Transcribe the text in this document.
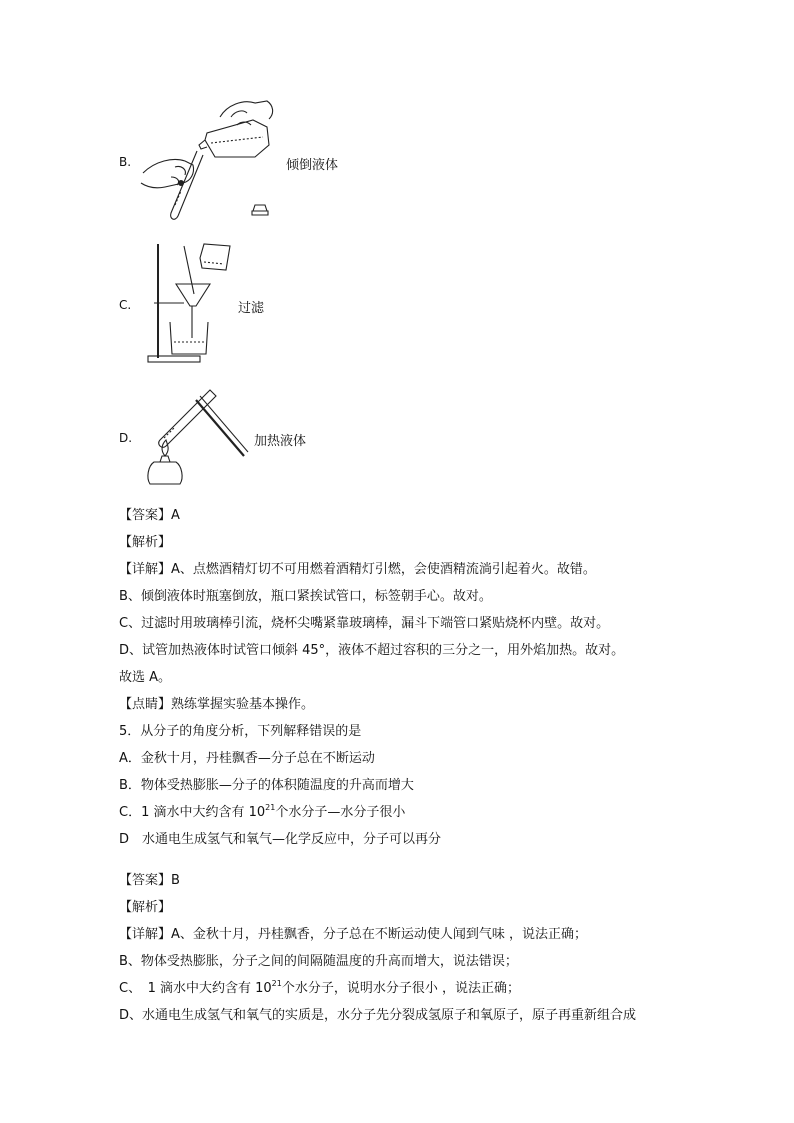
B.	倾倒液体
C.	过滤
D.	加热液体
【答案】A
【解析】
【详解】A、点燃酒精灯切不可用燃着酒精灯引燃，会使酒精流淌引起着火。故错。
B、倾倒液体时瓶塞倒放，瓶口紧挨试管口，标签朝手心。故对。
C、过滤时用玻璃棒引流，烧杯尖嘴紧靠玻璃棒，漏斗下端管口紧贴烧杯内壁。故对。
D、试管加热液体时试管口倾斜 45°，液体不超过容积的三分之一，用外焰加热。故对。
故选 A。
【点睛】熟练掌握实验基本操作。
5．从分子的角度分析，下列解释错误的是
A．金秋十月，丹桂飘香—分子总在不断运动
B．物体受热膨胀—分子的体积随温度的升高而增大
C．1 滴水中大约含有 $10^{21}$个水分子—水分子很小
D　水通电生成氢气和氧气—化学反应中，分子可以再分
【答案】B
【解析】
【详解】A、金秋十月，丹桂飘香，分子总在不断运动使人闻到气味 ，说法正确；
B、物体受热膨胀，分子之间的间隔随温度的升高而增大，说法错误；
C、　1 滴水中大约含有 $10^{21}$个水分子，说明水分子很小 ，说法正确；
D、水通电生成氢气和氧气的实质是，水分子先分裂成氢原子和氧原子，原子再重新组合成
